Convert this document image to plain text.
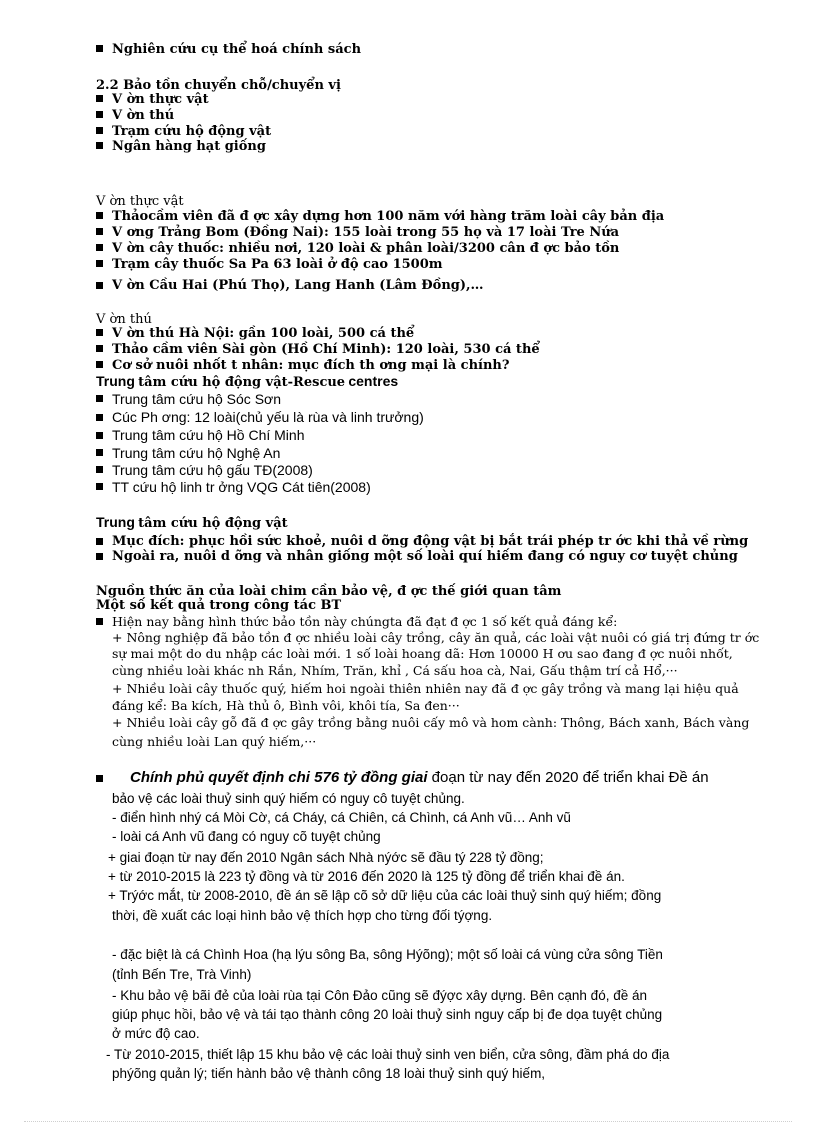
Nghiên cứu cụ thể hoá chính sách
2.2 Bảo tồn chuyển chỗ/chuyển vị
V ờn thực vật
V ờn thú
Trạm cứu hộ động vật
Ngân hàng hạt giống
V ờn thực vật
Thảocầm viên đã đ ợc xây dựng hơn 100 năm với hàng trăm loài cây bản địa
V ơng Trảng Bom (Đồng Nai): 155 loài trong 55 họ và 17 loài Tre Nứa
V ờn cây thuốc: nhiều nơi, 120 loài & phân loài/3200 cân đ ợc bảo tồn
Trạm cây thuốc Sa Pa 63 loài ở độ cao 1500m
V ờn Cầu Hai (Phú Thọ), Lang Hanh (Lâm Đồng),…
V ờn thú
V ờn thú Hà Nội: gần 100 loài, 500 cá thể
Thảo cầm viên Sài gòn (Hồ Chí Minh): 120 loài, 530 cá thể
Cơ sở nuôi nhốt t nhân: mục đích th ơng mại là chính?
Trung tâm cứu hộ động vật-Rescue centres
Trung tâm cứu hộ Sóc Sơn
Cúc Ph ơng: 12 loài(chủ yếu là rùa và linh trưởng)
Trung tâm cứu hộ Hồ Chí Minh
Trung tâm cứu hộ Nghệ An
Trung tâm cứu hộ gấu TĐ(2008)
TT cứu hộ linh tr ởng VQG Cát tiên(2008)
Trung tâm cứu hộ động vật
Mục đích: phục hồi sức khoẻ, nuôi d ỡng động vật bị bắt trái phép tr ớc khi thả về rừng
Ngoài ra, nuôi d ỡng và nhân giống một số loài quí hiếm đang có nguy cơ tuyệt chủng
Nguồn thức ăn của loài chim cần bảo vệ, đ ợc thế giới quan tâm
Một số kết quả trong công tác BT
Hiện nay bằng hình thức bảo tồn này chúngta đã đạt đ ợc 1 số kết quả đáng kể:
+ Nông nghiệp đã bảo tồn đ ợc nhiều loài cây trồng, cây ăn quả, các loài vật nuôi có giá trị đứng tr ớc
sự mai một do du nhập các loài mới. 1 số loài hoang dã: Hơn 10000 H ơu sao đang đ ợc nuôi nhốt,
cùng nhiều loài khác nh Rắn, Nhím, Trăn, khỉ , Cá sấu hoa cà, Nai, Gấu thậm trí cả Hổ,···
+ Nhiều loài cây thuốc quý, hiếm hoi ngoài thiên nhiên nay đã đ ợc gây trồng và mang lại hiệu quả
đáng kể: Ba kích, Hà thủ ô, Bình vôi, khôi tía, Sa đen···
+ Nhiều loài cây gỗ đã đ ợc gây trồng bằng nuôi cấy mô và hom cành: Thông, Bách xanh, Bách vàng
cùng nhiều loài Lan quý hiếm,···
Chính phủ quyết định chi 576 tỷ đồng giai đoạn từ nay đến 2020 để triển khai Đề án
bảo vệ các loài thuỷ sinh quý hiếm có nguy cô tuyệt chủng.
- điển hình nhý cá Mòi Cờ, cá Cháy, cá Chiên, cá Chình, cá Anh vũ… Anh vũ
- loài cá Anh vũ đang có nguy cõ tuyệt chủng
+ giai đoạn từ nay đến 2010 Ngân sách Nhà nýớc sẽ đầu tý 228 tỷ đồng;
+ từ 2010-2015 là 223 tỷ đồng và từ 2016 đến 2020 là 125 tỷ đồng để triển khai đề án.
+ Trýớc mắt, từ 2008-2010, đề án sẽ lập cõ sở dữ liệu của các loài thuỷ sinh quý hiếm; đồng
thời, đề xuất các loại hình bảo vệ thích hợp cho từng đối týợng.
- đặc biệt là cá Chình Hoa (hạ lýu sông Ba, sông Hýõng); một số loài cá vùng cửa sông Tiền
(tỉnh Bến Tre, Trà Vinh)
- Khu bảo vệ bãi đẻ của loài rùa tại Côn Đảo cũng sẽ đýợc xây dựng. Bên cạnh đó, đề án
giúp phục hồi, bảo vệ và tái tạo thành công 20 loài thuỷ sinh nguy cấp bị đe dọa tuyệt chủng
ở mức độ cao.
- Từ 2010-2015, thiết lập 15 khu bảo vệ các loài thuỷ sinh ven biển, cửa sông, đầm phá do địa
phýõng quản lý; tiến hành bảo vệ thành công 18 loài thuỷ sinh quý hiếm,
